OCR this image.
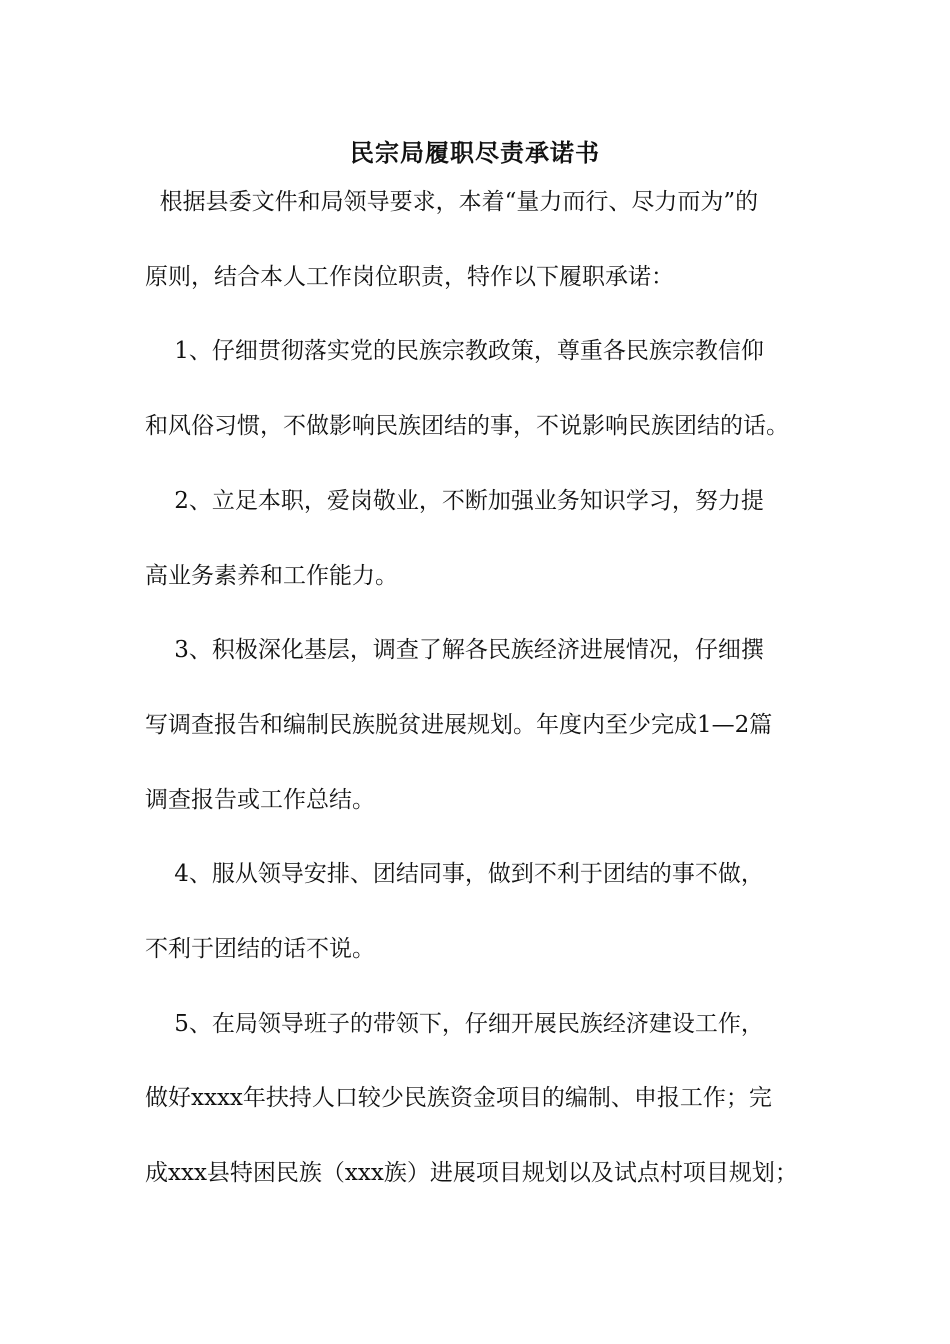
民宗局履职尽责承诺书
根据县委文件和局领导要求，本着“量力而行、尽力而为”的
原则，结合本人工作岗位职责，特作以下履职承诺：
1、仔细贯彻落实党的民族宗教政策，尊重各民族宗教信仰
和风俗习惯，不做影响民族团结的事，不说影响民族团结的话。
2、立足本职，爱岗敬业，不断加强业务知识学习，努力提
高业务素养和工作能力。
3、积极深化基层，调查了解各民族经济进展情况，仔细撰
写调查报告和编制民族脱贫进展规划。年度内至少完成1—2篇
调查报告或工作总结。
4、服从领导安排、团结同事，做到不利于团结的事不做，
不利于团结的话不说。
5、在局领导班子的带领下，仔细开展民族经济建设工作，
做好xxxx年扶持人口较少民族资金项目的编制、申报工作；完
成xxx县特困民族（xxx族）进展项目规划以及试点村项目规划；
